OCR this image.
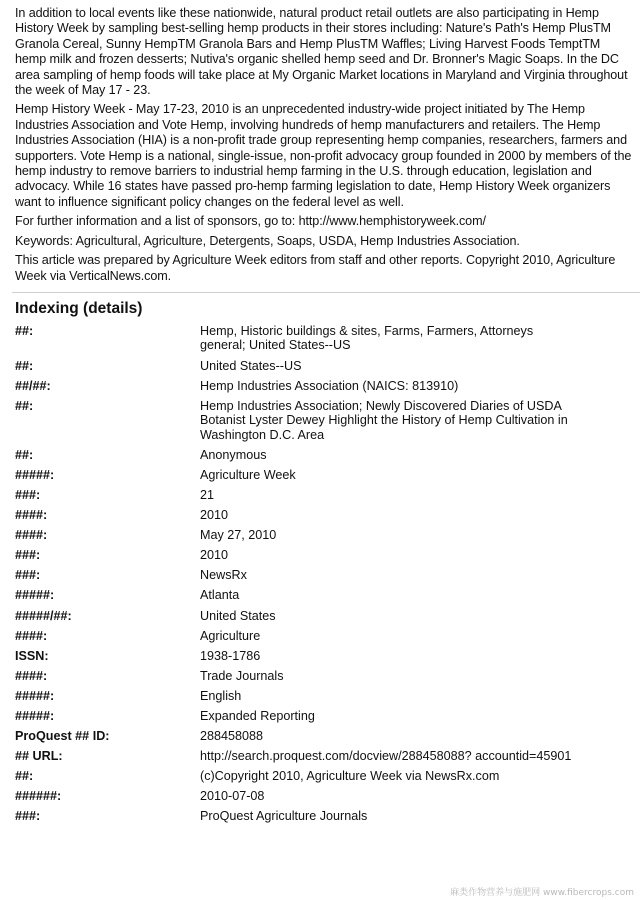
In addition to local events like these nationwide, natural product retail outlets are also participating in Hemp History Week by sampling best-selling hemp products in their stores including: Nature's Path's Hemp PlusTM Granola Cereal, Sunny HempTM Granola Bars and Hemp PlusTM Waffles; Living Harvest Foods TemptTM hemp milk and frozen desserts; Nutiva's organic shelled hemp seed and Dr. Bronner's Magic Soaps. In the DC area sampling of hemp foods will take place at My Organic Market locations in Maryland and Virginia throughout the week of May 17 - 23.

Hemp History Week - May 17-23, 2010 is an unprecedented industry-wide project initiated by The Hemp Industries Association and Vote Hemp, involving hundreds of hemp manufacturers and retailers. The Hemp Industries Association (HIA) is a non-profit trade group representing hemp companies, researchers, farmers and supporters. Vote Hemp is a national, single-issue, non-profit advocacy group founded in 2000 by members of the hemp industry to remove barriers to industrial hemp farming in the U.S. through education, legislation and advocacy. While 16 states have passed pro-hemp farming legislation to date, Hemp History Week organizers want to influence significant policy changes on the federal level as well.

For further information and a list of sponsors, go to: http://www.hemphistoryweek.com/

Keywords: Agricultural, Agriculture, Detergents, Soaps, USDA, Hemp Industries Association.

This article was prepared by Agriculture Week editors from staff and other reports. Copyright 2010, Agriculture Week via VerticalNews.com.

Indexing (details)
##:	Hemp, Historic buildings & sites, Farms, Farmers, Attorneys general; United States--US
##:	United States--US
##/##:	Hemp Industries Association (NAICS: 813910)
##:	Hemp Industries Association; Newly Discovered Diaries of USDA Botanist Lyster Dewey Highlight the History of Hemp Cultivation in Washington D.C. Area
##:	Anonymous
#####:	Agriculture Week
###:	21
####:	2010
####:	May 27, 2010
###:	2010
###:	NewsRx
#####:	Atlanta
#####/##:	United States
####:	Agriculture
ISSN:	1938-1786
####:	Trade Journals
#####:	English
#####:	Expanded Reporting
ProQuest ## ID:	288458088
## URL:	http://search.proquest.com/docview/288458088? accountid=45901
##:	(c)Copyright 2010, Agriculture Week via NewsRx.com
######:	2010-07-08
###:	ProQuest Agriculture Journals
麻类作物营养与施肥网 www.fibercrops.com
